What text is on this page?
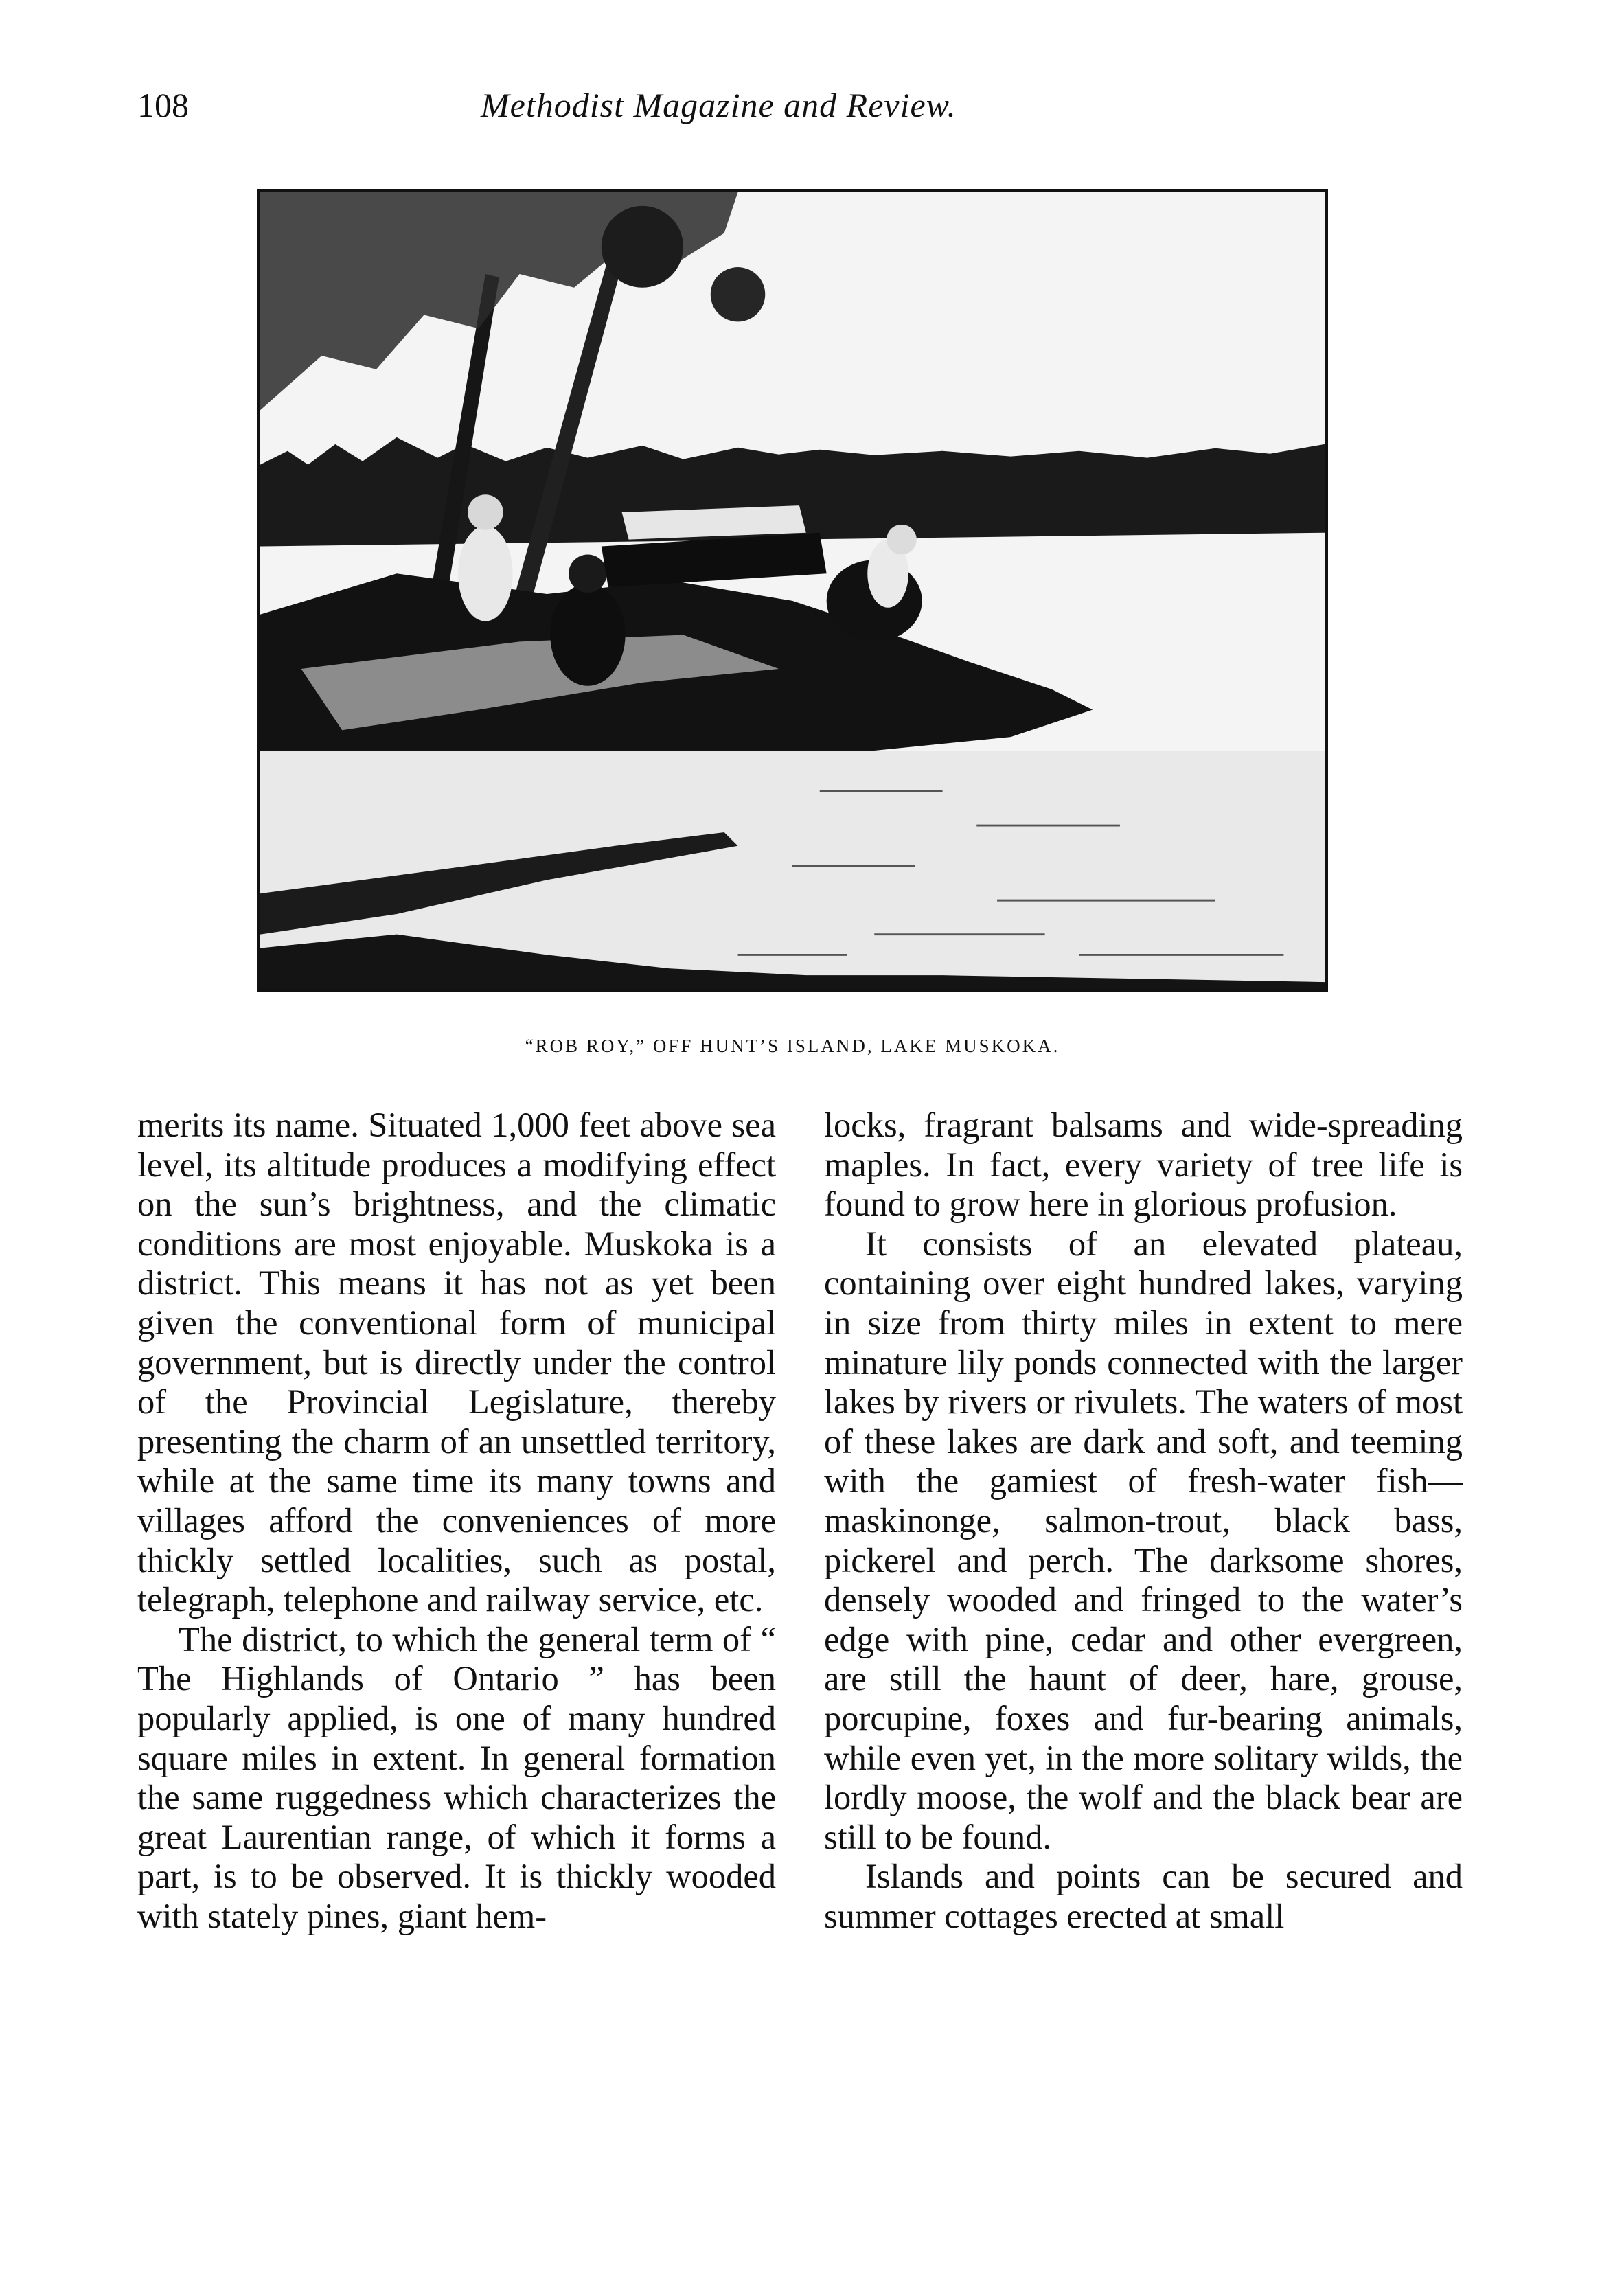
108	Methodist Magazine and Review.
“ROB ROY,” OFF HUNT’S ISLAND, LAKE MUSKOKA.

merits its name. Situated 1,000 feet above sea level, its altitude produces a modifying effect on the sun’s brightness, and the climatic conditions are most enjoyable. Muskoka is a district. This means it has not as yet been given the conventional form of municipal government, but is directly under the control of the Provincial Legislature, thereby presenting the charm of an unsettled territory, while at the same time its many towns and villages afford the conveniences of more thickly settled localities, such as postal, telegraph, telephone and railway service, etc.

The district, to which the general term of “ The Highlands of Ontario ” has been popularly applied, is one of many hundred square miles in extent. In general formation the same ruggedness which characterizes the great Laurentian range, of which it forms a part, is to be observed. It is thickly wooded with stately pines, giant hem-

locks, fragrant balsams and wide-spreading maples. In fact, every variety of tree life is found to grow here in glorious profusion.

It consists of an elevated plateau, containing over eight hundred lakes, varying in size from thirty miles in extent to mere minature lily ponds connected with the larger lakes by rivers or rivulets. The waters of most of these lakes are dark and soft, and teeming with the gamiest of fresh-water fish—maskinonge, salmon-trout, black bass, pickerel and perch. The darksome shores, densely wooded and fringed to the water’s edge with pine, cedar and other evergreen, are still the haunt of deer, hare, grouse, porcupine, foxes and fur-bearing animals, while even yet, in the more solitary wilds, the lordly moose, the wolf and the black bear are still to be found.

Islands and points can be secured and summer cottages erected at small
